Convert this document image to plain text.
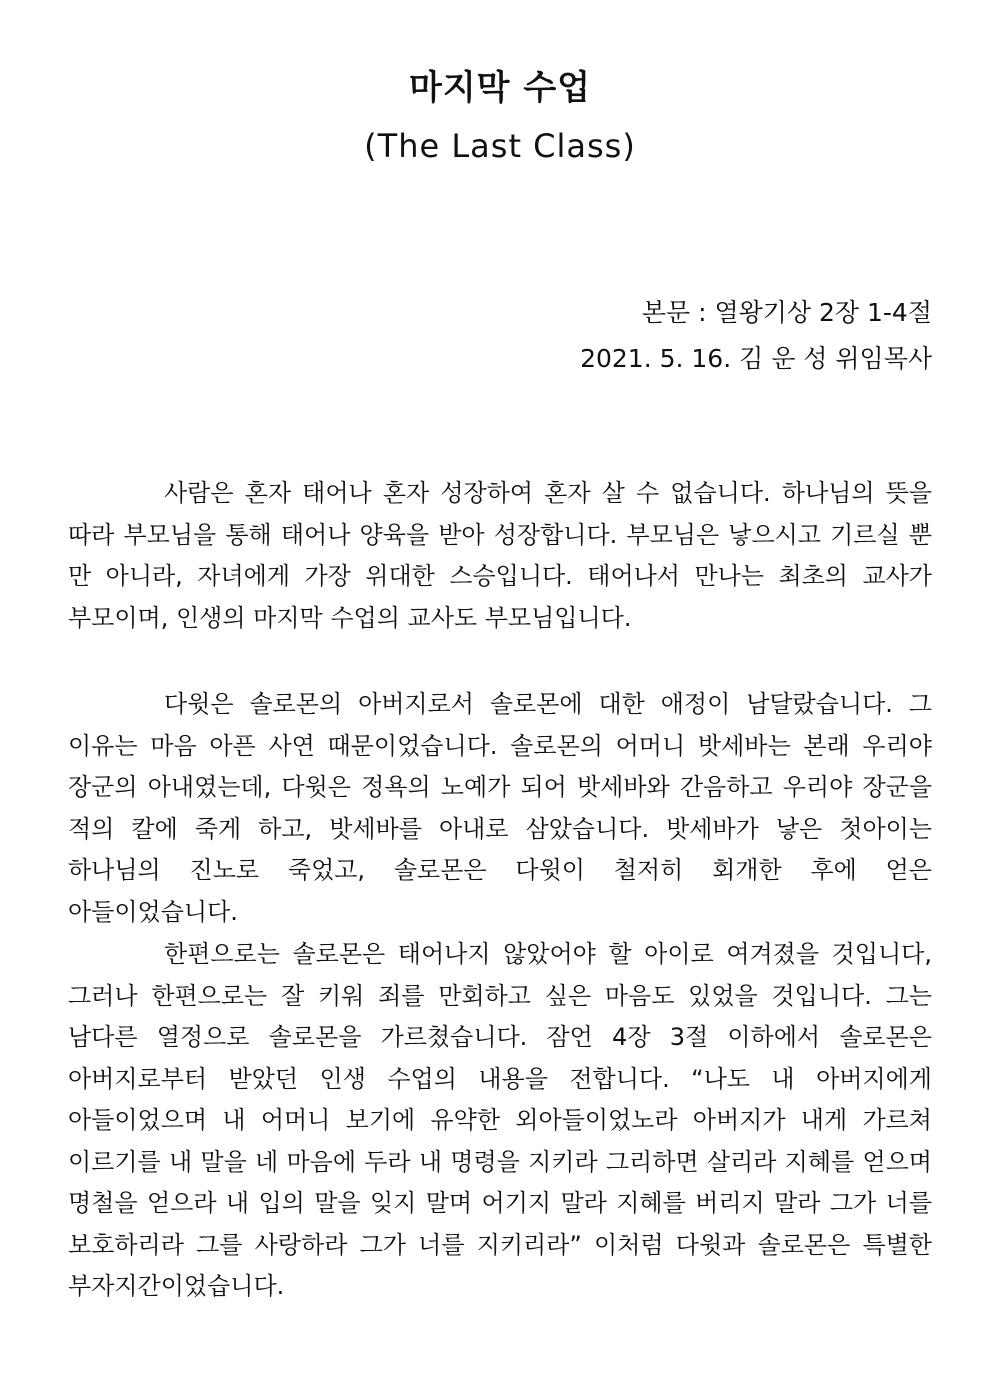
마지막 수업
(The Last Class)
본문 : 열왕기상 2장 1-4절
2021. 5. 16. 김 운 성 위임목사

사람은 혼자 태어나 혼자 성장하여 혼자 살 수 없습니다. 하나님의 뜻을 따라 부모님을 통해 태어나 양육을 받아 성장합니다. 부모님은 낳으시고 기르실 뿐 만 아니라, 자녀에게 가장 위대한 스승입니다. 태어나서 만나는 최초의 교사가 부모이며, 인생의 마지막 수업의 교사도 부모님입니다.

다윗은 솔로몬의 아버지로서 솔로몬에 대한 애정이 남달랐습니다. 그 이유는 마음 아픈 사연 때문이었습니다. 솔로몬의 어머니 밧세바는 본래 우리야 장군의 아내였는데, 다윗은 정욕의 노예가 되어 밧세바와 간음하고 우리야 장군을 적의 칼에 죽게 하고, 밧세바를 아내로 삼았습니다. 밧세바가 낳은 첫아이는 하나님의 진노로 죽었고, 솔로몬은 다윗이 철저히 회개한 후에 얻은 아들이었습니다.

한편으로는 솔로몬은 태어나지 않았어야 할 아이로 여겨졌을 것입니다, 그러나 한편으로는 잘 키워 죄를 만회하고 싶은 마음도 있었을 것입니다. 그는 남다른 열정으로 솔로몬을 가르쳤습니다. 잠언 4장 3절 이하에서 솔로몬은 아버지로부터 받았던 인생 수업의 내용을 전합니다. “나도 내 아버지에게 아들이었으며 내 어머니 보기에 유약한 외아들이었노라 아버지가 내게 가르쳐 이르기를 내 말을 네 마음에 두라 내 명령을 지키라 그리하면 살리라 지혜를 얻으며 명철을 얻으라 내 입의 말을 잊지 말며 어기지 말라 지혜를 버리지 말라 그가 너를 보호하리라 그를 사랑하라 그가 너를 지키리라” 이처럼 다윗과 솔로몬은 특별한 부자지간이었습니다.
